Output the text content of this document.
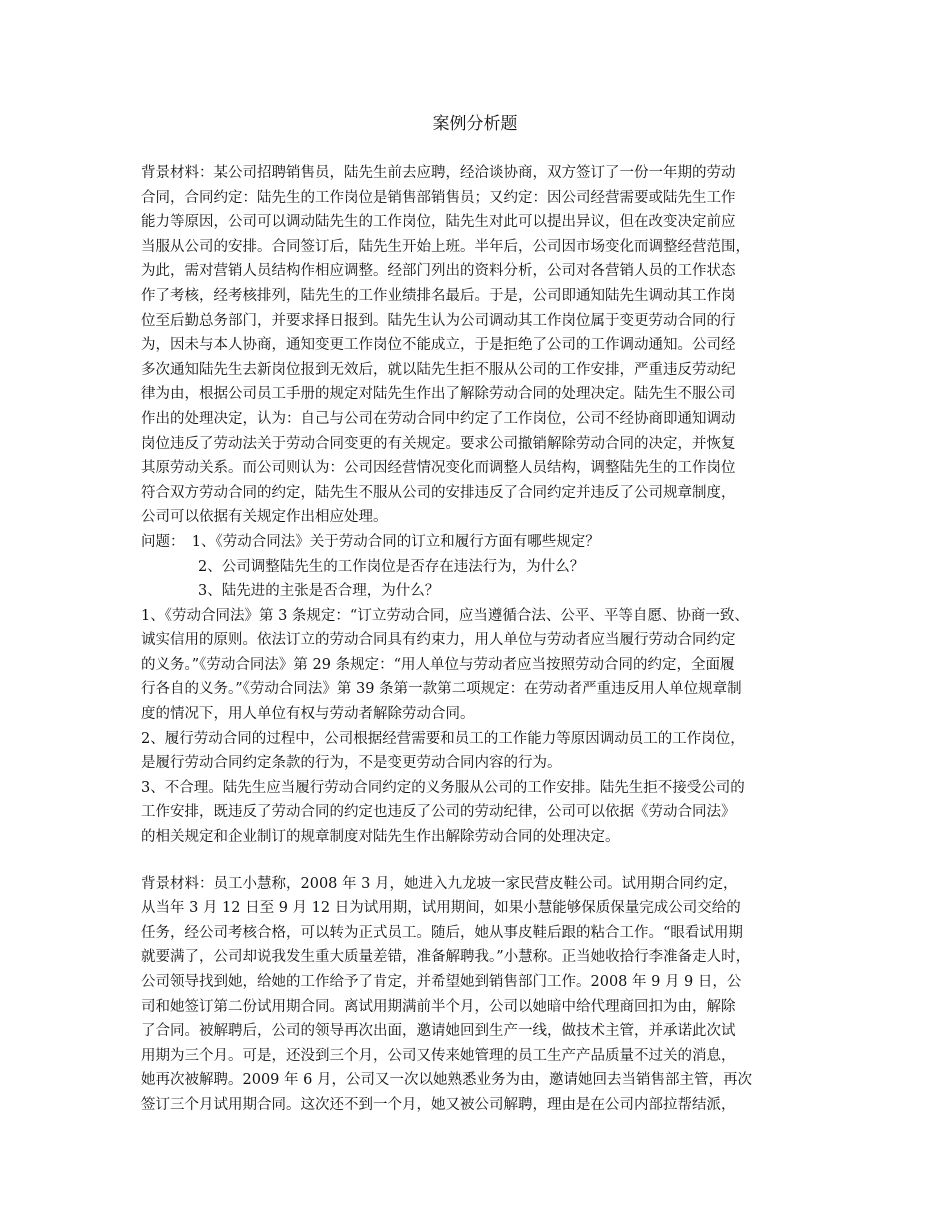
案例分析题
背景材料：某公司招聘销售员，陆先生前去应聘，经洽谈协商，双方签订了一份一年期的劳动
合同，合同约定：陆先生的工作岗位是销售部销售员；又约定：因公司经营需要或陆先生工作
能力等原因，公司可以调动陆先生的工作岗位，陆先生对此可以提出异议，但在改变决定前应
当服从公司的安排。合同签订后，陆先生开始上班。半年后，公司因市场变化而调整经营范围，
为此，需对营销人员结构作相应调整。经部门列出的资料分析，公司对各营销人员的工作状态
作了考核，经考核排列，陆先生的工作业绩排名最后。于是，公司即通知陆先生调动其工作岗
位至后勤总务部门，并要求择日报到。陆先生认为公司调动其工作岗位属于变更劳动合同的行
为，因未与本人协商，通知变更工作岗位不能成立，于是拒绝了公司的工作调动通知。公司经
多次通知陆先生去新岗位报到无效后，就以陆先生拒不服从公司的工作安排，严重违反劳动纪
律为由，根据公司员工手册的规定对陆先生作出了解除劳动合同的处理决定。陆先生不服公司
作出的处理决定，认为：自己与公司在劳动合同中约定了工作岗位，公司不经协商即通知调动
岗位违反了劳动法关于劳动合同变更的有关规定。要求公司撤销解除劳动合同的决定，并恢复
其原劳动关系。而公司则认为：公司因经营情况变化而调整人员结构，调整陆先生的工作岗位
符合双方劳动合同的约定，陆先生不服从公司的安排违反了合同约定并违反了公司规章制度，
公司可以依据有关规定作出相应处理。
问题：　1、《劳动合同法》关于劳动合同的订立和履行方面有哪些规定？
2、公司调整陆先生的工作岗位是否存在违法行为，为什么？
3、陆先进的主张是否合理，为什么？
1、《劳动合同法》第 3 条规定：“订立劳动合同，应当遵循合法、公平、平等自愿、协商一致、
诚实信用的原则。依法订立的劳动合同具有约束力，用人单位与劳动者应当履行劳动合同约定
的义务。”《劳动合同法》第 29 条规定：“用人单位与劳动者应当按照劳动合同的约定，全面履
行各自的义务。”《劳动合同法》第 39 条第一款第二项规定：在劳动者严重违反用人单位规章制
度的情况下，用人单位有权与劳动者解除劳动合同。
2、履行劳动合同的过程中，公司根据经营需要和员工的工作能力等原因调动员工的工作岗位，
是履行劳动合同约定条款的行为，不是变更劳动合同内容的行为。
3、不合理。陆先生应当履行劳动合同约定的义务服从公司的工作安排。陆先生拒不接受公司的
工作安排，既违反了劳动合同的约定也违反了公司的劳动纪律，公司可以依据《劳动合同法》
的相关规定和企业制订的规章制度对陆先生作出解除劳动合同的处理决定。
背景材料：员工小慧称，2008 年 3 月，她进入九龙坡一家民营皮鞋公司。试用期合同约定，
从当年 3 月 12 日至 9 月 12 日为试用期，试用期间，如果小慧能够保质保量完成公司交给的
任务，经公司考核合格，可以转为正式员工。随后，她从事皮鞋后跟的粘合工作。“眼看试用期
就要满了，公司却说我发生重大质量差错，准备解聘我。”小慧称。正当她收拾行李准备走人时，
公司领导找到她，给她的工作给予了肯定，并希望她到销售部门工作。2008 年 9 月 9 日，公
司和她签订第二份试用期合同。离试用期满前半个月，公司以她暗中给代理商回扣为由，解除
了合同。被解聘后，公司的领导再次出面，邀请她回到生产一线，做技术主管，并承诺此次试
用期为三个月。可是，还没到三个月，公司又传来她管理的员工生产产品质量不过关的消息，
她再次被解聘。2009 年 6 月，公司又一次以她熟悉业务为由，邀请她回去当销售部主管，再次
签订三个月试用期合同。这次还不到一个月，她又被公司解聘，理由是在公司内部拉帮结派，
